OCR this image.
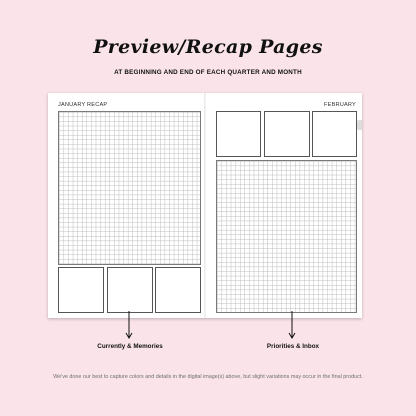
Preview/Recap Pages
AT BEGINNING AND END OF EACH QUARTER AND MONTH
JANUARY RECAP	FEBRUARY
Currently & Memories	Priorities & Inbox
We've done our best to capture colors and details in the digital image(s) above, but slight variations may occur in the final product.
